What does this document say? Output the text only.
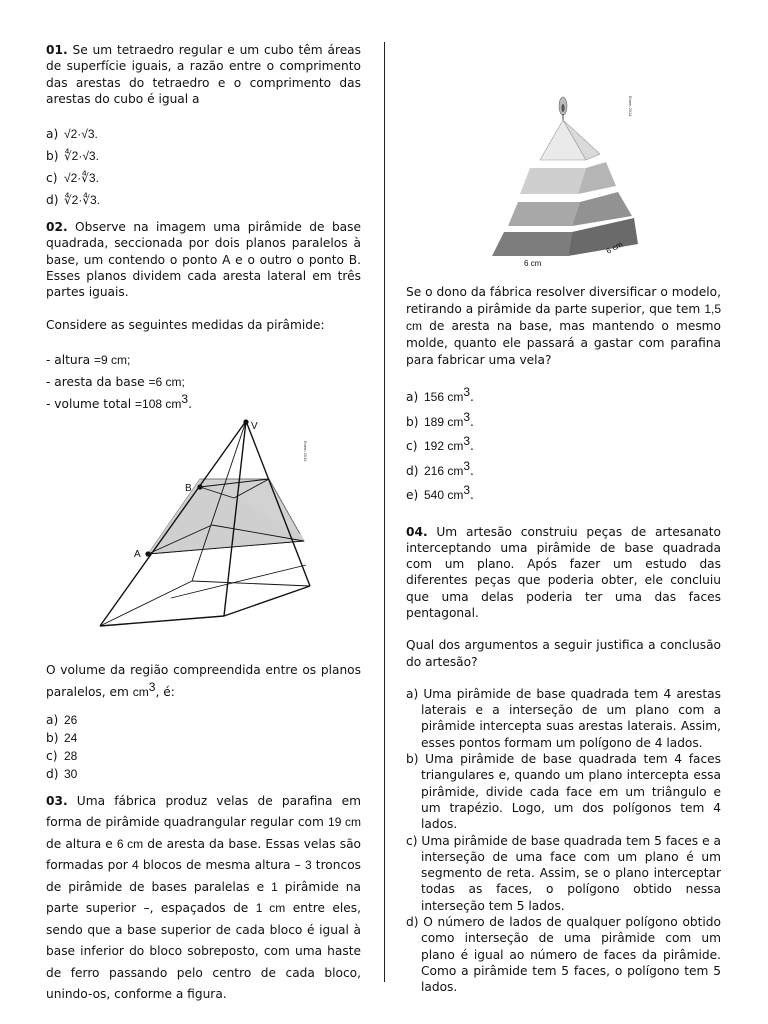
01. Se um tetraedro regular e um cubo têm áreas de superfície iguais, a razão entre o comprimento das arestas do tetraedro e o comprimento das arestas do cubo é igual a

a) √2·√3.
b) ∜2·√3.
c) √2·∜3.
d) ∜2·∜3.

02. Observe na imagem uma pirâmide de base quadrada, seccionada por dois planos paralelos à base, um contendo o ponto A e o outro o ponto B. Esses planos dividem cada aresta lateral em três partes iguais.

Considere as seguintes medidas da pirâmide:

- altura =9 cm;
- aresta da base =6 cm;
- volume total =108 $cm^3$.
V
B
A
Enem 2019

O volume da região compreendida entre os planos paralelos, em $cm^3$, é:

a) 26
b) 24
c) 28
d) 30

03. Uma fábrica produz velas de parafina em forma de pirâmide quadrangular regular com 19 cm de altura e 6 cm de aresta da base. Essas velas são formadas por 4 blocos de mesma altura – 3 troncos de pirâmide de bases paralelas e 1 pirâmide na parte superior –, espaçados de 1 cm entre eles, sendo que a base superior de cada bloco é igual à base inferior do bloco sobreposto, com uma haste de ferro passando pelo centro de cada bloco, unindo-os, conforme a figura.

6 cm
6 cm
Enem 2014

Se o dono da fábrica resolver diversificar o modelo, retirando a pirâmide da parte superior, que tem 1,5 cm de aresta na base, mas mantendo o mesmo molde, quanto ele passará a gastar com parafina para fabricar uma vela?

a) 156 $cm^3$.
b) 189 $cm^3$.
c) 192 $cm^3$.
d) 216 $cm^3$.
e) 540 $cm^3$.

04. Um artesão construiu peças de artesanato interceptando uma pirâmide de base quadrada com um plano. Após fazer um estudo das diferentes peças que poderia obter, ele concluiu que uma delas poderia ter uma das faces pentagonal.

Qual dos argumentos a seguir justifica a conclusão do artesão?

a) Uma pirâmide de base quadrada tem 4 arestas laterais e a interseção de um plano com a pirâmide intercepta suas arestas laterais. Assim, esses pontos formam um polígono de 4 lados.

b) Uma pirâmide de base quadrada tem 4 faces triangulares e, quando um plano intercepta essa pirâmide, divide cada face em um triângulo e um trapézio. Logo, um dos polígonos tem 4 lados.

c) Uma pirâmide de base quadrada tem 5 faces e a interseção de uma face com um plano é um segmento de reta. Assim, se o plano interceptar todas as faces, o polígono obtido nessa interseção tem 5 lados.

d) O número de lados de qualquer polígono obtido como interseção de uma pirâmide com um plano é igual ao número de faces da pirâmide. Como a pirâmide tem 5 faces, o polígono tem 5 lados.
